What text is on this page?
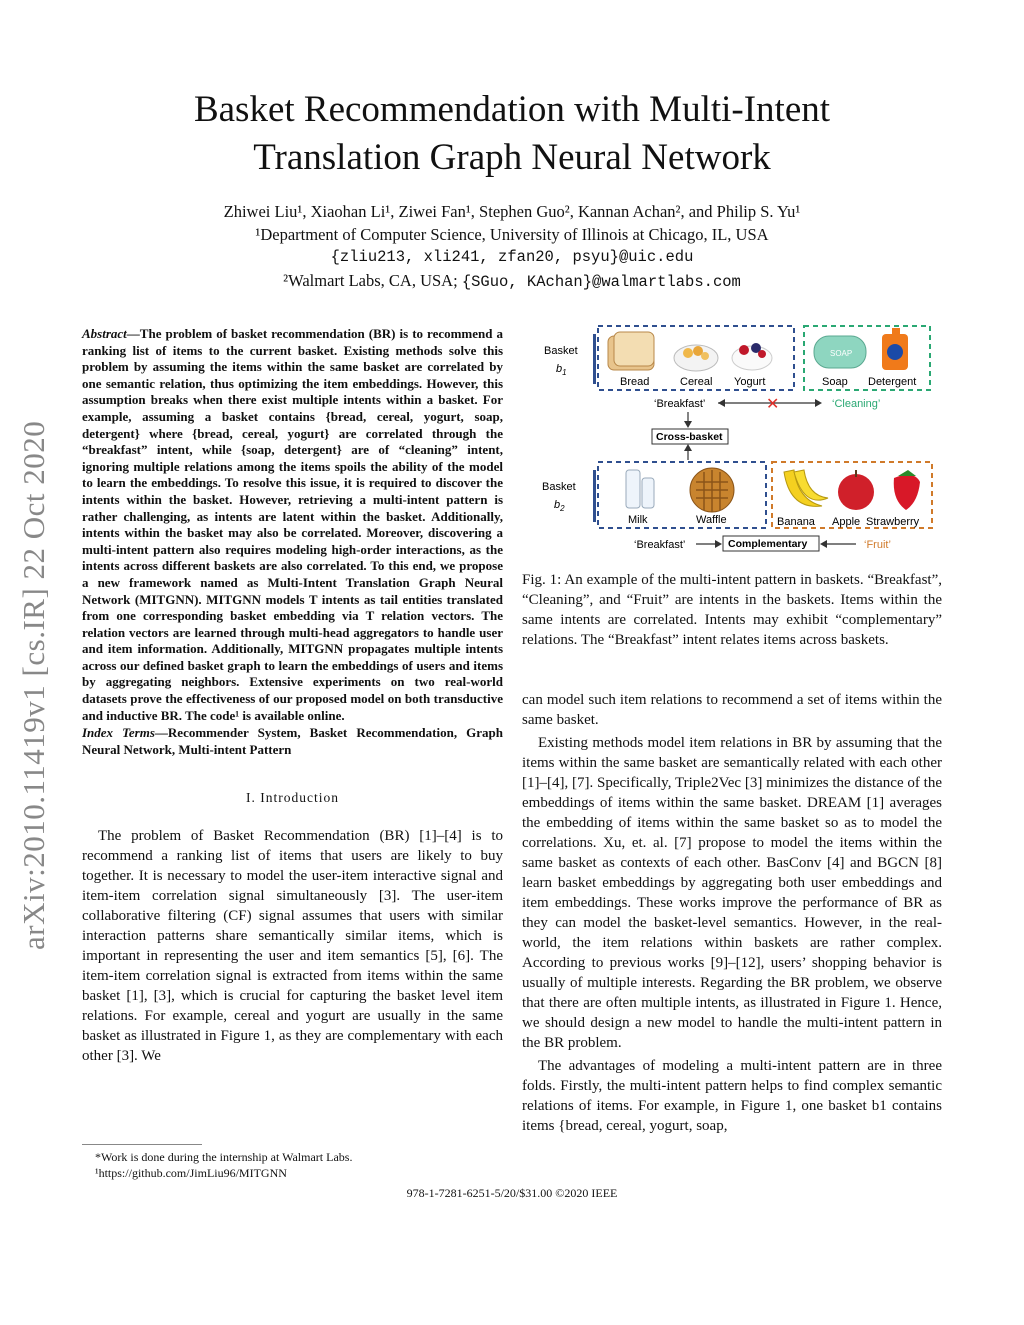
Basket Recommendation with Multi-Intent
Translation Graph Neural Network
Zhiwei Liu¹, Xiaohan Li¹, Ziwei Fan¹, Stephen Guo², Kannan Achan², and Philip S. Yu¹
¹Department of Computer Science, University of Illinois at Chicago, IL, USA
{zliu213, xli241, zfan20, psyu}@uic.edu
²Walmart Labs, CA, USA; {SGuo, KAchan}@walmartlabs.com
arXiv:2010.11419v1 [cs.IR] 22 Oct 2020
Abstract—The problem of basket recommendation (BR) is to recommend a ranking list of items to the current basket. Existing methods solve this problem by assuming the items within the same basket are correlated by one semantic relation, thus optimizing the item embeddings. However, this assumption breaks when there exist multiple intents within a basket. For example, assuming a basket contains {bread, cereal, yogurt, soap, detergent} where {bread, cereal, yogurt} are correlated through the “breakfast” intent, while {soap, detergent} are of “cleaning” intent, ignoring multiple relations among the items spoils the ability of the model to learn the embeddings. To resolve this issue, it is required to discover the intents within the basket. However, retrieving a multi-intent pattern is rather challenging, as intents are latent within the basket. Additionally, intents within the basket may also be correlated. Moreover, discovering a multi-intent pattern also requires modeling high-order interactions, as the intents across different baskets are also correlated. To this end, we propose a new framework named as Multi-Intent Translation Graph Neural Network (MITGNN). MITGNN models T intents as tail entities translated from one corresponding basket embedding via T relation vectors. The relation vectors are learned through multi-head aggregators to handle user and item information. Additionally, MITGNN propagates multiple intents across our defined basket graph to learn the embeddings of users and items by aggregating neighbors. Extensive experiments on two real-world datasets prove the effectiveness of our proposed model on both transductive and inductive BR. The code¹ is available online.
Index Terms—Recommender System, Basket Recommendation, Graph Neural Network, Multi-intent Pattern
I. Introduction

The problem of Basket Recommendation (BR) [1]–[4] is to recommend a ranking list of items that users are likely to buy together. It is necessary to model the user-item interactive signal and item-item correlation signal simultaneously [3]. The user-item collaborative filtering (CF) signal assumes that users with similar interaction patterns share semantically similar items, which is important in representing the user and item semantics [5], [6]. The item-item correlation signal is extracted from items within the same basket [1], [3], which is crucial for capturing the basket level item relations. For example, cereal and yogurt are usually in the same basket as illustrated in Figure 1, as they are complementary with each other [3]. We

*Work is done during the internship at Walmart Labs.
¹https://github.com/JimLiu96/MITGNN
Basket
$b_1$
SOAP
Bread	Cereal Yogurt	Soap Detergent
‘Breakfast’	✕	‘Cleaning’
Cross-basket
Basket
$b_2$
Milk	Waffle	Banana Apple Strawberry
‘Breakfast’	Complementary	‘Fruit’
Fig. 1: An example of the multi-intent pattern in baskets. “Breakfast”, “Cleaning”, and “Fruit” are intents in the baskets. Items within the same intents are correlated. Intents may exhibit “complementary” relations. The “Breakfast” intent relates items across baskets.

can model such item relations to recommend a set of items within the same basket.

Existing methods model item relations in BR by assuming that the items within the same basket are semantically related with each other [1]–[4], [7]. Specifically, Triple2Vec [3] minimizes the distance of the embeddings of items within the same basket. DREAM [1] averages the embedding of items within the same basket so as to model the correlations. Xu, et. al. [7] propose to model the items within the same basket as contexts of each other. BasConv [4] and BGCN [8] learn basket embeddings by aggregating both user embeddings and item embeddings. These works improve the performance of BR as they can model the basket-level semantics. However, in the real-world, the item relations within baskets are rather complex. According to previous works [9]–[12], users’ shopping behavior is usually of multiple interests. Regarding the BR problem, we observe that there are often multiple intents, as illustrated in Figure 1. Hence, we should design a new model to handle the multi-intent pattern in the BR problem.

The advantages of modeling a multi-intent pattern are in three folds. Firstly, the multi-intent pattern helps to find complex semantic relations of items. For example, in Figure 1, one basket b1 contains items {bread, cereal, yogurt, soap,

978-1-7281-6251-5/20/$31.00 ©2020 IEEE
